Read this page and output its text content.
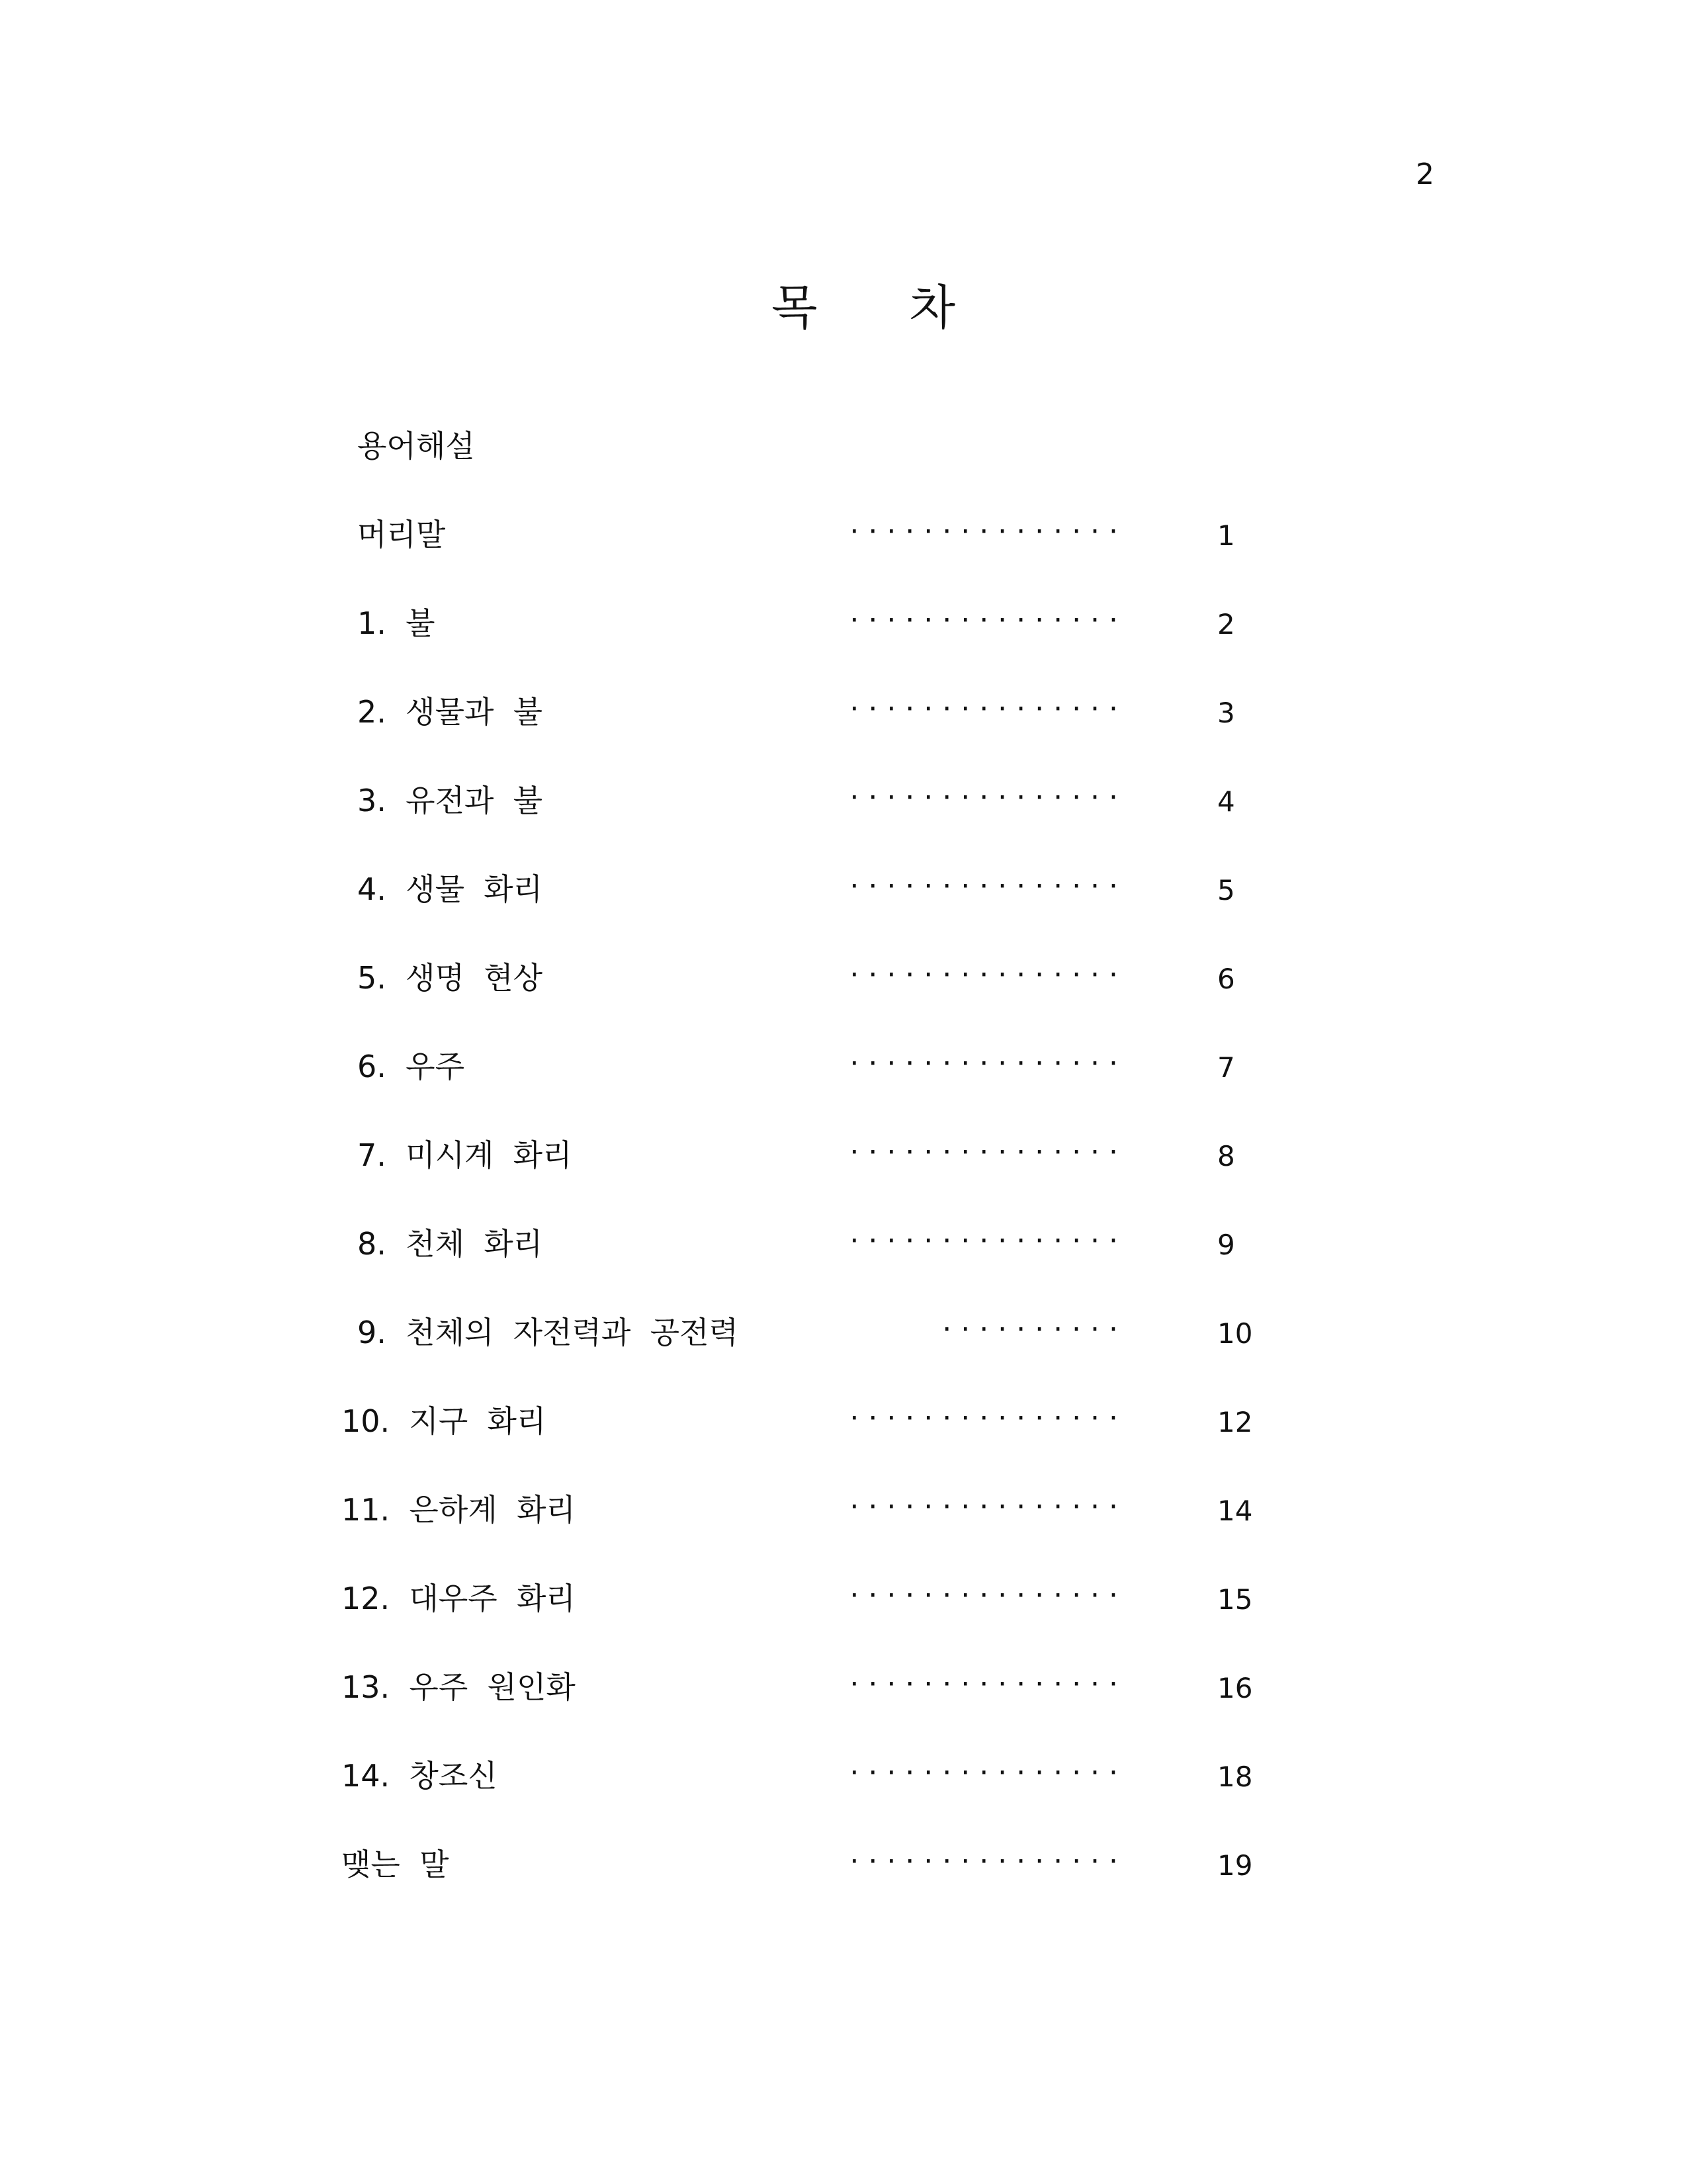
2
목 차
용어해설
머리말	· · · · · · · · · · · · · · ·	1
1.  불	· · · · · · · · · · · · · · ·	2
2.  생물과  불	· · · · · · · · · · · · · · ·	3
3.  유전과  불	· · · · · · · · · · · · · · ·	4
4.  생물  화리	· · · · · · · · · · · · · · ·	5
5.  생명  현상	· · · · · · · · · · · · · · ·	6
6.  우주	· · · · · · · · · · · · · · ·	7
7.  미시계  화리	· · · · · · · · · · · · · · ·	8
8.  천체  화리	· · · · · · · · · · · · · · ·	9
9.  천체의  자전력과  공전력	· · · · · · · · · ·	10
10.  지구  화리	· · · · · · · · · · · · · · ·	12
11.  은하계  화리	· · · · · · · · · · · · · · ·	14
12.  대우주  화리	· · · · · · · · · · · · · · ·	15
13.  우주  원인화	· · · · · · · · · · · · · · ·	16
14.  창조신	· · · · · · · · · · · · · · ·	18
맺는  말	· · · · · · · · · · · · · · ·	19
